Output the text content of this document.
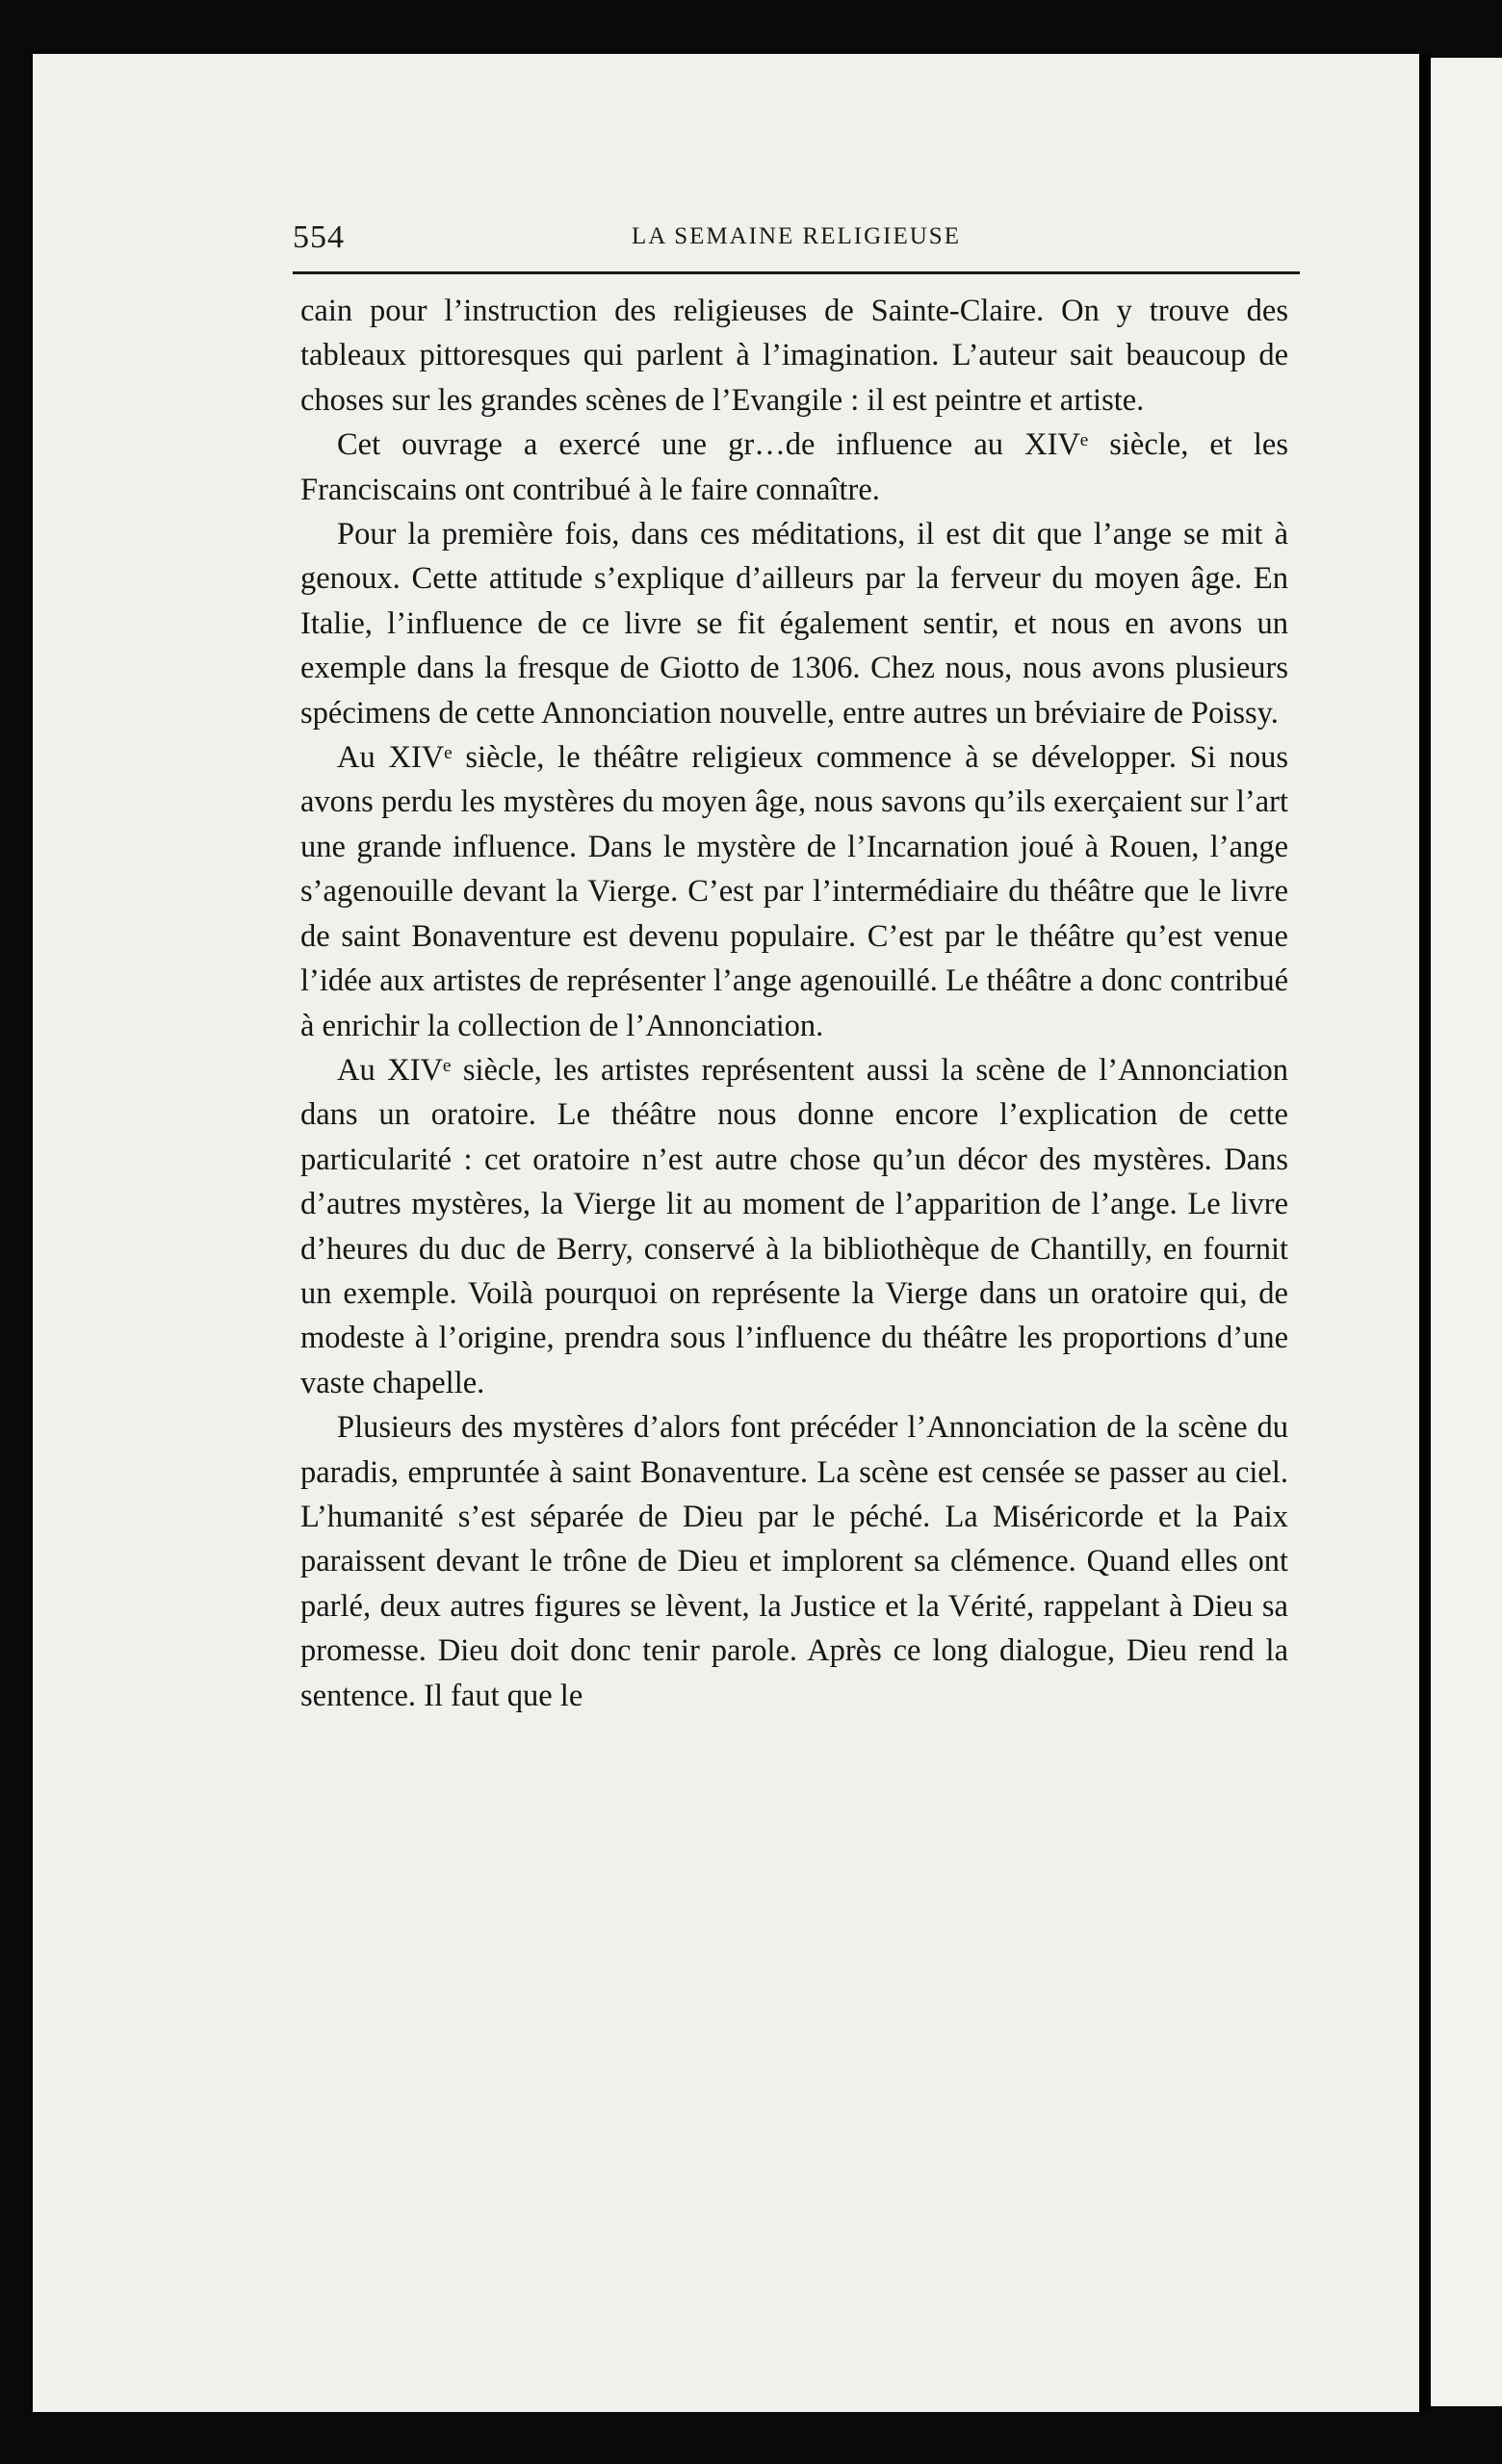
554	LA SEMAINE RELIGIEUSE

cain pour l’instruction des religieuses de Sainte-Claire. On y trouve des tableaux pittoresques qui parlent à l’imagination. L’auteur sait beaucoup de choses sur les grandes scènes de l’Evangile : il est peintre et artiste.

Cet ouvrage a exercé une gr…de influence au XIVᵉ siècle, et les Franciscains ont contribué à le faire connaître.

Pour la première fois, dans ces méditations, il est dit que l’ange se mit à genoux. Cette attitude s’explique d’ailleurs par la ferveur du moyen âge. En Italie, l’influence de ce livre se fit également sentir, et nous en avons un exemple dans la fresque de Giotto de 1306. Chez nous, nous avons plusieurs spécimens de cette Annonciation nouvelle, entre autres un bréviaire de Poissy.

Au XIVᵉ siècle, le théâtre religieux commence à se développer. Si nous avons perdu les mystères du moyen âge, nous savons qu’ils exerçaient sur l’art une grande influence. Dans le mystère de l’Incarnation joué à Rouen, l’ange s’agenouille devant la Vierge. C’est par l’intermédiaire du théâtre que le livre de saint Bonaventure est devenu populaire. C’est par le théâtre qu’est venue l’idée aux artistes de représenter l’ange agenouillé. Le théâtre a donc contribué à enrichir la collection de l’Annonciation.

Au XIVᵉ siècle, les artistes représentent aussi la scène de l’Annonciation dans un oratoire. Le théâtre nous donne encore l’explication de cette particularité : cet oratoire n’est autre chose qu’un décor des mystères. Dans d’autres mystères, la Vierge lit au moment de l’apparition de l’ange. Le livre d’heures du duc de Berry, conservé à la bibliothèque de Chantilly, en fournit un exemple. Voilà pourquoi on représente la Vierge dans un oratoire qui, de modeste à l’origine, prendra sous l’influence du théâtre les proportions d’une vaste chapelle.

Plusieurs des mystères d’alors font précéder l’Annonciation de la scène du paradis, empruntée à saint Bonaventure. La scène est censée se passer au ciel. L’humanité s’est séparée de Dieu par le péché. La Miséricorde et la Paix paraissent devant le trône de Dieu et implorent sa clémence. Quand elles ont parlé, deux autres figures se lèvent, la Justice et la Vérité, rappelant à Dieu sa promesse. Dieu doit donc tenir parole. Après ce long dialogue, Dieu rend la sentence. Il faut que le
